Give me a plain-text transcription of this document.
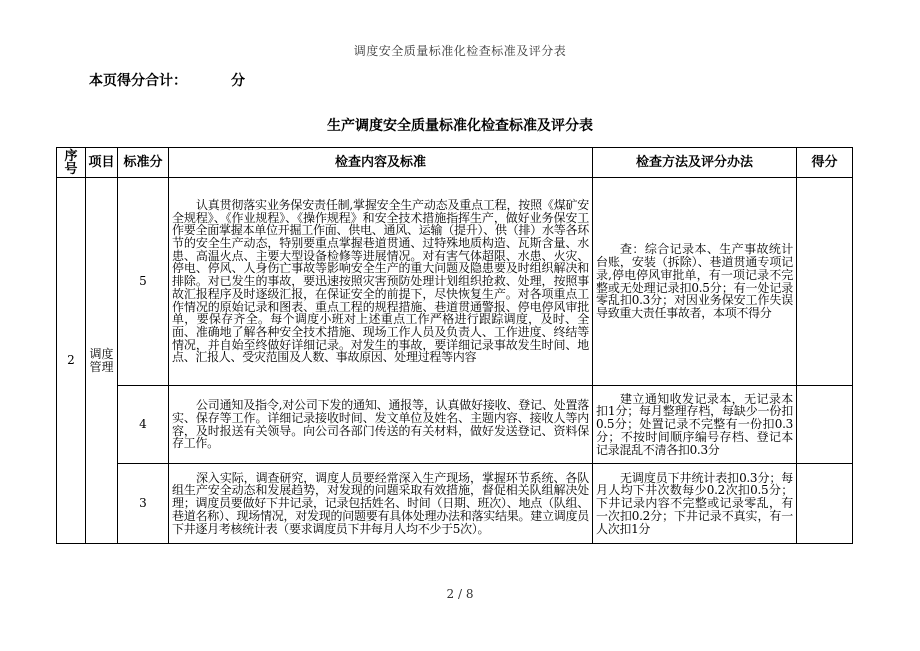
调度安全质量标准化检查标准及评分表
本页得分合计：	分
生产调度安全质量标准化检查标准及评分表
序号	项目	标准分	检查内容及标准	检查方法及评分办法	得分
2	调度管理	5	认真贯彻落实业务保安责任制,掌握安全生产动态及重点工程，按照《煤矿安全规程》、《作业规程》、《操作规程》和安全技术措施指挥生产，做好业务保安工作要全面掌握本单位开掘工作面、供电、通风、运输（提升）、供（排）水等各环节的安全生产动态，特别要重点掌握巷道贯通、过特殊地质构造、瓦斯含量、水患、高温火点、主要大型设备检修等进展情况。对有害气体超限、水患、火灾、停电、停风、人身伤亡事故等影响安全生产的重大问题及隐患要及时组织解决和排除。对已发生的事故，要迅速按照灾害预防处理计划组织抢救、处理，按照事故汇报程序及时逐级汇报，在保证安全的前提下，尽快恢复生产。对各项重点工作情况的原始记录和图表、重点工程的规程措施、巷道贯通警报、停电停风审批单，要保存齐全。每个调度小班对上述重点工作严格进行跟踪调度，及时、全面、准确地了解各种安全技术措施、现场工作人员及负责人、工作进度、终结等情况，并自始至终做好详细记录。对发生的事故，要详细记录事故发生时间、地点、汇报人、受灾范围及人数、事故原因、处理过程等内容	查：综合记录本、生产事故统计台账，安装（拆除）、巷道贯通专项记录,停电停风审批单，有一项记录不完整或无处理记录扣0.5分；有一处记录零乱扣0.3分；对因业务保安工作失误导致重大责任事故者，本项不得分	
		4	公司通知及指令,对公司下发的通知、通报等，认真做好接收、登记、处置落实、保存等工作。详细记录接收时间、发文单位及姓名、主题内容、接收人等内容，及时报送有关领导。向公司各部门传送的有关材料，做好发送登记、资料保存工作。	建立通知收发记录本，无记录本扣1分；每月整理存档，每缺少一份扣0.5分；处置记录不完整有一份扣0.3分；不按时间顺序编号存档、登记本记录混乱不清各扣0.3分	
		3	深入实际，调查研究，调度人员要经常深入生产现场，掌握环节系统、各队组生产安全动态和发展趋势，对发现的问题采取有效措施，督促相关队组解决处理；调度员要做好下井记录，记录包括姓名、时间（日期、班次）、地点（队组、巷道名称）、现场情况，对发现的问题要有具体处理办法和落实结果。建立调度员下井逐月考核统计表（要求调度员下井每月人均不少于5次）。	无调度员下井统计表扣0.3分；每月人均下井次数每少0.2次扣0.5分；下井记录内容不完整或记录零乱，有一次扣0.2分；下井记录不真实，有一人次扣1分	
2 / 8
